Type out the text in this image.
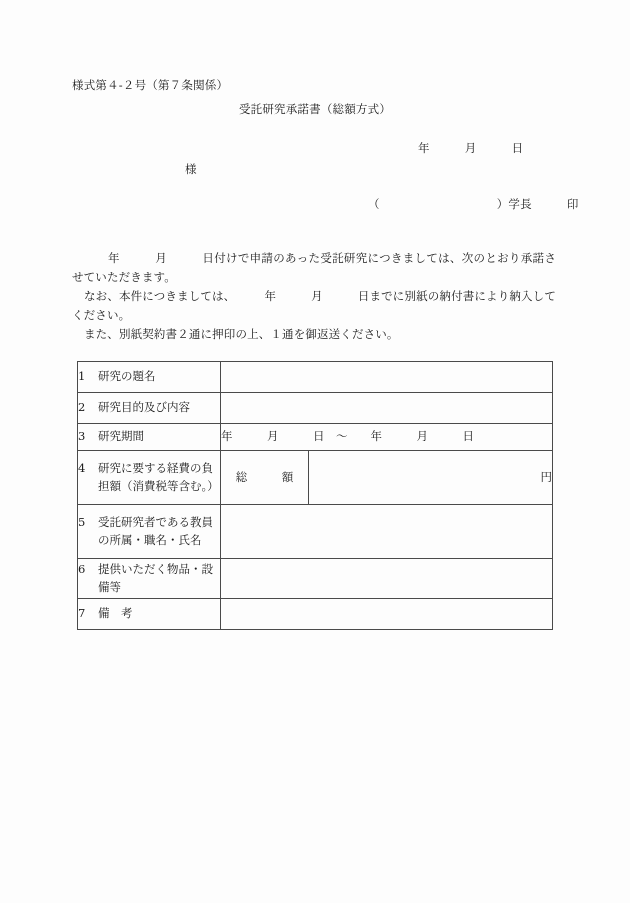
様式第４‐２号（第７条関係）
受託研究承諾書（総額方式）
年　　　月　　　日
様
（　　　　　　　　　　）学長　　　印
年　　　月　　　日付けで申請のあった受託研究につきましては、次のとおり承諾させていただきます。
なお、本件につきましては、　　　年　　　月　　　日までに別紙の納付書により納入してください。
また、別紙契約書２通に押印の上、１通を御返送ください。
1 研究の題名		

2 研究目的及び内容		

3 研究期間	年　　　月　　　日　〜　　年　　　月　　　日	

4 研究に要する経費の負担額（消費税等含む。）	総　　　額	円

5 受託研究者である教員の所属・職名・氏名		

6 提供いただく物品・設備等		

7 備　考		
